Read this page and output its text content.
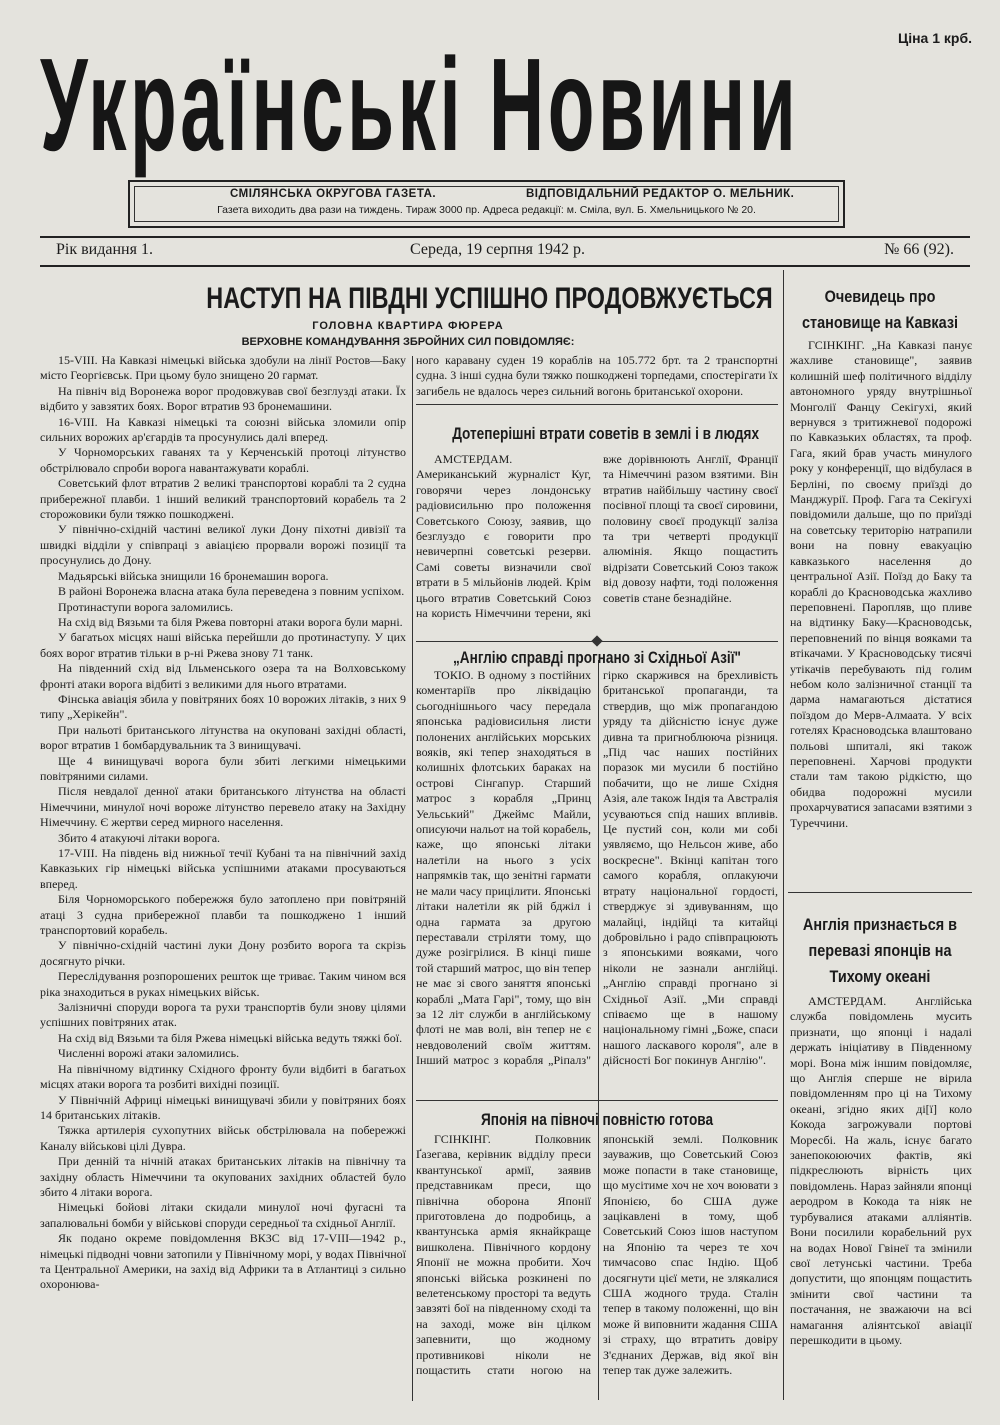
Українські Новини	Ціна 1 крб.
СМІЛЯНСЬКА ОКРУГОВА ГАЗЕТА.	ВІДПОВІДАЛЬНИЙ РЕДАКТОР О. МЕЛЬНИК.
Газета виходить два рази на тиждень. Тираж 3000 пр. Адреса редакції: м. Сміла, вул. Б. Хмельницького № 20.
Рік видання 1.	Середа, 19 серпня 1942 р.	№ 66 (92).
НАСТУП НА ПІВДНІ УСПІШНО ПРОДОВЖУЄТЬСЯ
ГОЛОВНА КВАРТИРА ФЮРЕРА
ВЕРХОВНЕ КОМАНДУВАННЯ ЗБРОЙНИХ СИЛ ПОВІДОМЛЯЄ:

15-VIII. На Кавказі німецькі війська здобули на лінії Ростов—Баку місто Георгієвськ. При цьому було знищено 20 гармат.

На північ від Воронежа ворог продовжував свої безглузді атаки. Їх відбито у завзятих боях. Ворог втратив 93 бронемашини.

16-VIII. На Кавказі німецькі та союзні війська зломили опір сильних ворожих ар'єгардів та просунулись далі вперед.

У Чорноморських гаванях та у Керченській протоці літунство обстрілювало спроби ворога навантажувати кораблі.

Советський флот втратив 2 великі транспортові кораблі та 2 судна прибережної плавби. 1 інший великий транспортовий корабель та 2 сторожовики були тяжко пошкоджені.

У північно-східній частині великої луки Дону піхотні дивізії та швидкі відділи у співпраці з авіацією прорвали ворожі позиції та просунулись до Дону.

Мадьярські війська знищили 16 бронемашин ворога.

В районі Воронежа власна атака була переведена з повним успіхом.

Протинаступи ворога заломились.

На схід від Вязьми та біля Ржева повторні атаки ворога були марні.

У багатьох місцях наші війська перейшли до протинаступу. У цих боях ворог втратив тільки в р-ні Ржева знову 71 танк.

На південний схід від Ільменського озера та на Волховському фронті атаки ворога відбиті з великими для нього втратами.

Фінська авіація збила у повітряних боях 10 ворожих літаків, з них 9 типу „Херікейн".

При нальоті британського літунства на окуповані західні області, ворог втратив 1 бомбардувальник та 3 винищувачі.

Ще 4 винищувачі ворога були збиті легкими німецькими повітряними силами.

Після невдалої денної атаки британського літунства на області Німеччини, минулої ночі вороже літунство перевело атаку на Західну Німеччину. Є жертви серед мирного населення.

Збито 4 атакуючі літаки ворога.

17-VIII. На південь від нижньої течії Кубані та на північний захід Кавказьких гір німецькі війська успішними атаками просуваються вперед.

Біля Чорноморського побережжя було затоплено при повітряній атаці 3 судна прибережної плавби та пошкоджено 1 інший транспортовий корабель.

У північно-східній частині луки Дону розбито ворога та скрізь досягнуто річки.

Переслідування розпорошених решток ще триває. Таким чином вся ріка знаходиться в руках німецьких військ.

Залізничні споруди ворога та рухи транспортів були знову цілями успішних повітряних атак.

На схід від Вязьми та біля Ржева німецькі війська ведуть тяжкі бої.

Численні ворожі атаки заломились.

На північному відтинку Східного фронту були відбиті в багатьох місцях атаки ворога та розбиті вихідні позиції.

У Північній Африці німецькі винищувачі збили у повітряних боях 14 британських літаків.

Тяжка артилерія сухопутних військ обстрілювала на побережжі Каналу військові цілі Дувра.

При денній та нічній атаках британських літаків на північну та західну область Німеччини та окупованих західних областей було збито 4 літаки ворога.

Німецькі бойові літаки скидали минулої ночі фугасні та запалювальні бомби у військові споруди середньої та східньої Англії.

Як подано окреме повідомлення ВКЗС від 17-VIII—1942 р., німецькі підводні човни затопили у Північному морі, у водах Північної та Центральної Америки, на захід від Африки та в Атлантиці з сильно охоронюва-

ного каравану суден 19 кораблів на 105.772 брт. та 2 транспортні судна. 3 інші судна були тяжко пошкоджені торпедами, спостерігати їх загибель не вдалось через сильний вогонь британської охорони.

Дотеперішні втрати советів в землі і в людях

АМСТЕРДАМ. Американський журналіст Куг, говорячи через лондонську радіовисильню про положення Советського Союзу, заявив, що безглуздо є говорити про невичерпні советські резерви. Самі советы визначили свої втрати в 5 мільйонів людей. Крім цього втратив Советський Союз на користь Німеччини терени, які вже дорівнюють Англії, Франції та Німеччині разом взятими. Він втратив найбільшу частину своєї посівної площі та своєї сировини, половину своєї продукції заліза та три четверті продукції алюмінія. Якщо пощастить відрізати Советський Союз також від довозу нафти, тоді положення советів стане безнадійне.

„Англію справді прогнано зі Східньої Азії"

ТОКІО. В одному з постійних коментаріїв про ліквідацію сьогоднішнього часу передала японська радіовисильня листи полонених англійських морських вояків, які тепер знаходяться в колишніх флотських бараках на острові Сінгапур. Старший матрос з корабля „Принц Уельський" Джеймс Майли, описуючи нальот на той корабель, каже, що японські літаки налетіли на нього з усіх напрямків так, що зенітні гармати не мали часу прицілити. Японські літаки налетіли як рій бджіл і одна гармата за другою переставали стріляти тому, що дуже розігрілися. В кінці пише той старший матрос, що він тепер не має зі свого заняття японські кораблі „Мата Гарі", тому, що він за 12 літ служби в англійському флоті не мав волі, він тепер не є невдоволений своїм життям. Інший матрос з корабля „Ріпалз" гірко скаржився на брехливість британської пропаганди, та ствердив, що між пропагандою уряду та дійсністю існує дуже дивна та пригноблююча різниця. „Під час наших постійних поразок ми мусили б постійно побачити, що не лише Східня Азія, але також Індія та Австралія усуваються спід наших впливів. Це пустий сон, коли ми собі уявляємо, що Нельсон живе, або воскресне". Вкінці капітан того самого корабля, оплакуючи втрату національної гордості, стверджує зі здивуванням, що малайці, індійці та китайці добровільно і радо співпрацюють з японськими вояками, чого ніколи не зазнали англійці. „Англію справді прогнано зі Східньої Азії. „Ми справді співаємо ще в нашому національному гімні „Боже, спаси нашого ласкавого короля", але в дійсності Бог покинув Англію".

Японія на півночі повністю готова

ГСІНКІНГ. Полковник Ґазегава, керівник відділу преси квантунської армії, заявив представникам преси, що північна оборона Японії приготовлена до подробиць, а квантунська армія якнайкраще вишколена. Північного кордону Японії не можна пробити. Хоч японські війська розкинені по велетенському просторі та ведуть завзяті бої на південному сході та на заході, може він цілком запевнити, що жодному противникові ніколи не пощастить стати ногою на японській землі. Полковник зауважив, що Советський Союз може попасти в таке становище, що мусітиме хоч не хоч воювати з Японією, бо США дуже зацікавлені в тому, щоб Советський Союз ішов наступом на Японію та через те хоч тимчасово спас Індію. Щоб досягнути цієї мети, не злякалися США жодного труда. Сталін тепер в такому положенні, що він може й виповнити жадання США зі страху, що втратить довіру З'єднаних Держав, від якої він тепер так дуже залежить.

Очевидець про становище на Кавказі

ГСІНКІНГ. „На Кавказі панує жахливе становище", заявив колишній шеф політичного відділу автономного уряду внутрішньої Монголії Фанцу Секігухі, який вернувся з тритижневої подорожі по Кавказьких областях, та проф. Гага, який брав участь минулого року у конференції, що відбулася в Берліні, по своєму приїзді до Манджурії. Проф. Гага та Секігухі повідомили дальше, що по приїзді на советську територію натрапили вони на повну евакуацію кавказького населення до центральної Азії. Поїзд до Баку та кораблі до Красноводська жахливо переповнені. Паропляв, що пливе на відтинку Баку—Красноводськ, переповнений по вінця вояками та втікачами. У Красноводську тисячі утікачів перебувають під голим небом коло залізничної станції та дарма намагаються дістатися поїздом до Мерв-Алмаата. У всіх готелях Красноводська влаштовано польові шпиталі, які також переповнені. Харчові продукти стали там такою рідкістю, що обидва подорожні мусили прохарчуватися запасами взятими з Туреччини.

Англія признається в перевазі японців на Тихому океані

АМСТЕРДАМ. Англійська служба повідомлень мусить признати, що японці і надалі держать ініціативу в Південному морі. Вона між іншим повідомляє, що Англія сперше не вірила повідомленням про ці на Тихому океані, згідно яких ді[ї] коло Кокода загрожували портові Моресбі. На жаль, існує багато занепокоюючих фактів, які підкреслюють вірність цих повідомлень. Нараз зайняли японці аеродром в Кокода та ніяк не турбувалися атаками алліянтів. Вони посилили корабельний рух на водах Нової Гвінеї та змінили свої летунські частини. Треба допустити, що японцям пощастить змінити свої частини та постачання, не зважаючи на всі намагання аліянтської авіації перешкодити в цьому.
